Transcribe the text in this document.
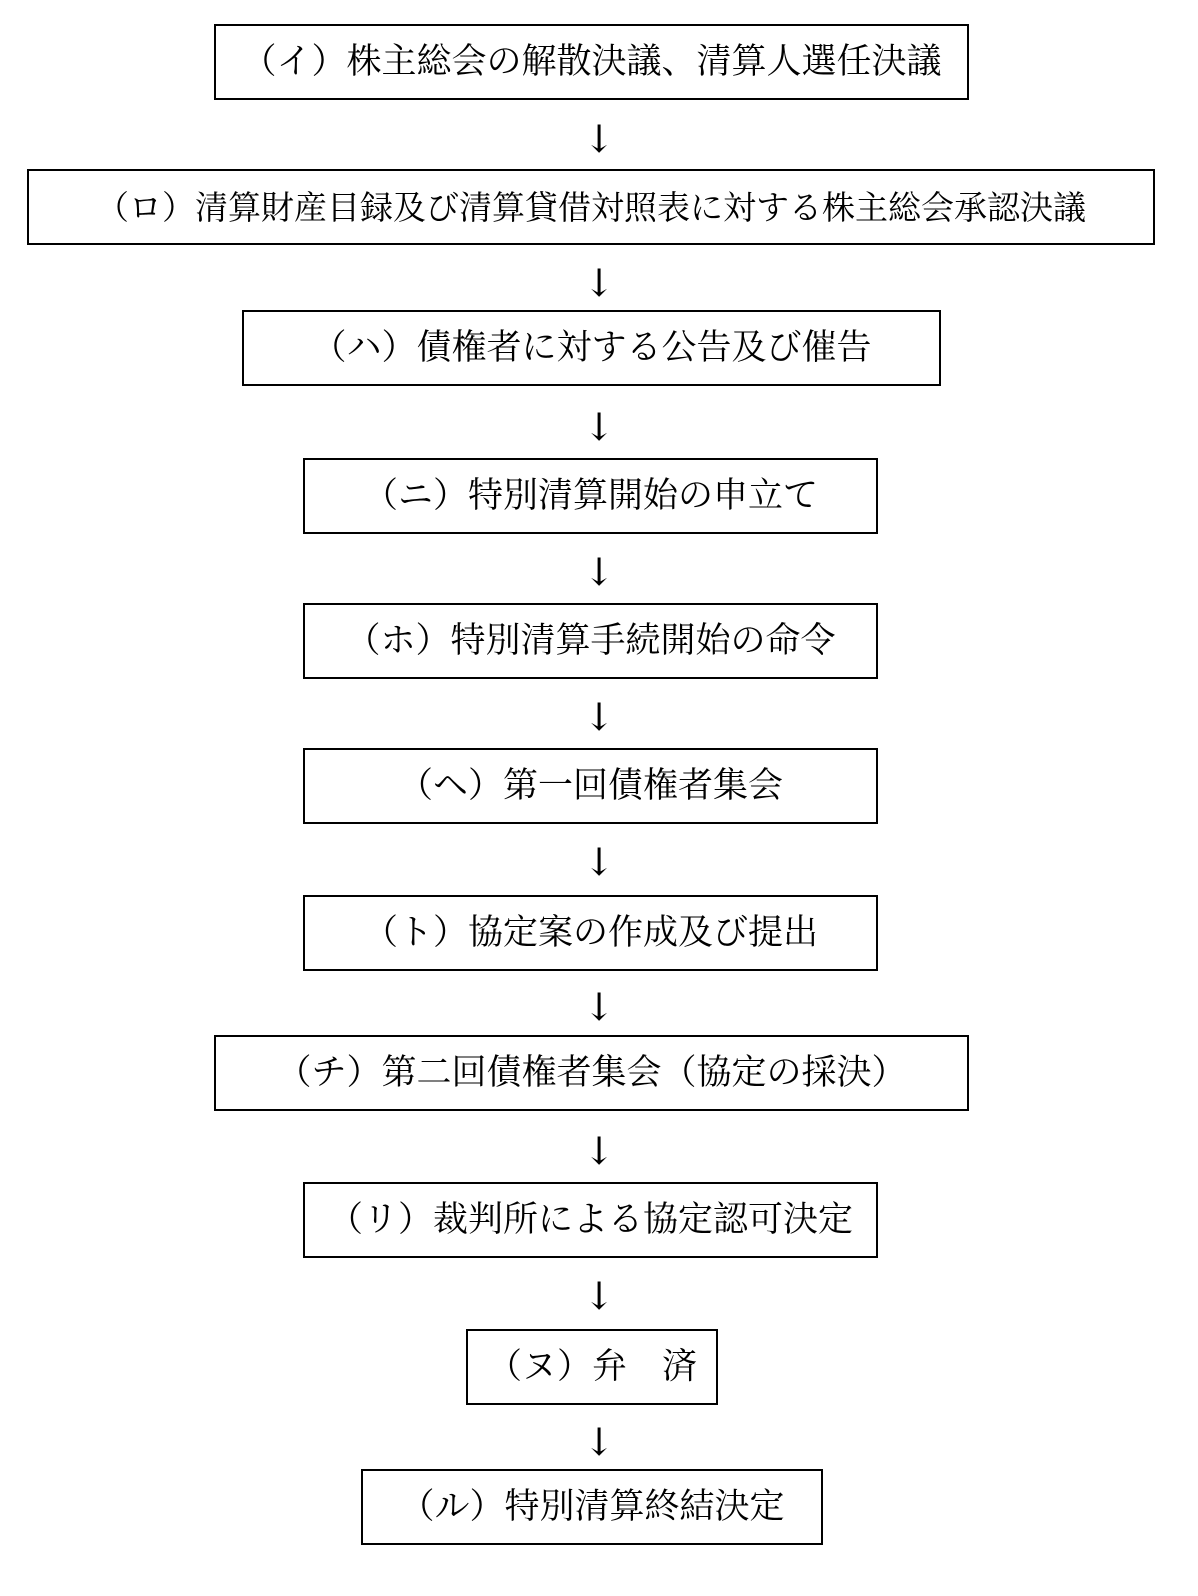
（イ）株主総会の解散決議、清算人選任決議
↓
（ロ）清算財産目録及び清算貸借対照表に対する株主総会承認決議
↓
（ハ）債権者に対する公告及び催告
↓
（ニ）特別清算開始の申立て
↓
（ホ）特別清算手続開始の命令
↓
（ヘ）第一回債権者集会
↓
（ト）協定案の作成及び提出
↓
（チ）第二回債権者集会（協定の採決）
↓
（リ）裁判所による協定認可決定
↓
（ヌ）弁　済
↓
（ル）特別清算終結決定
